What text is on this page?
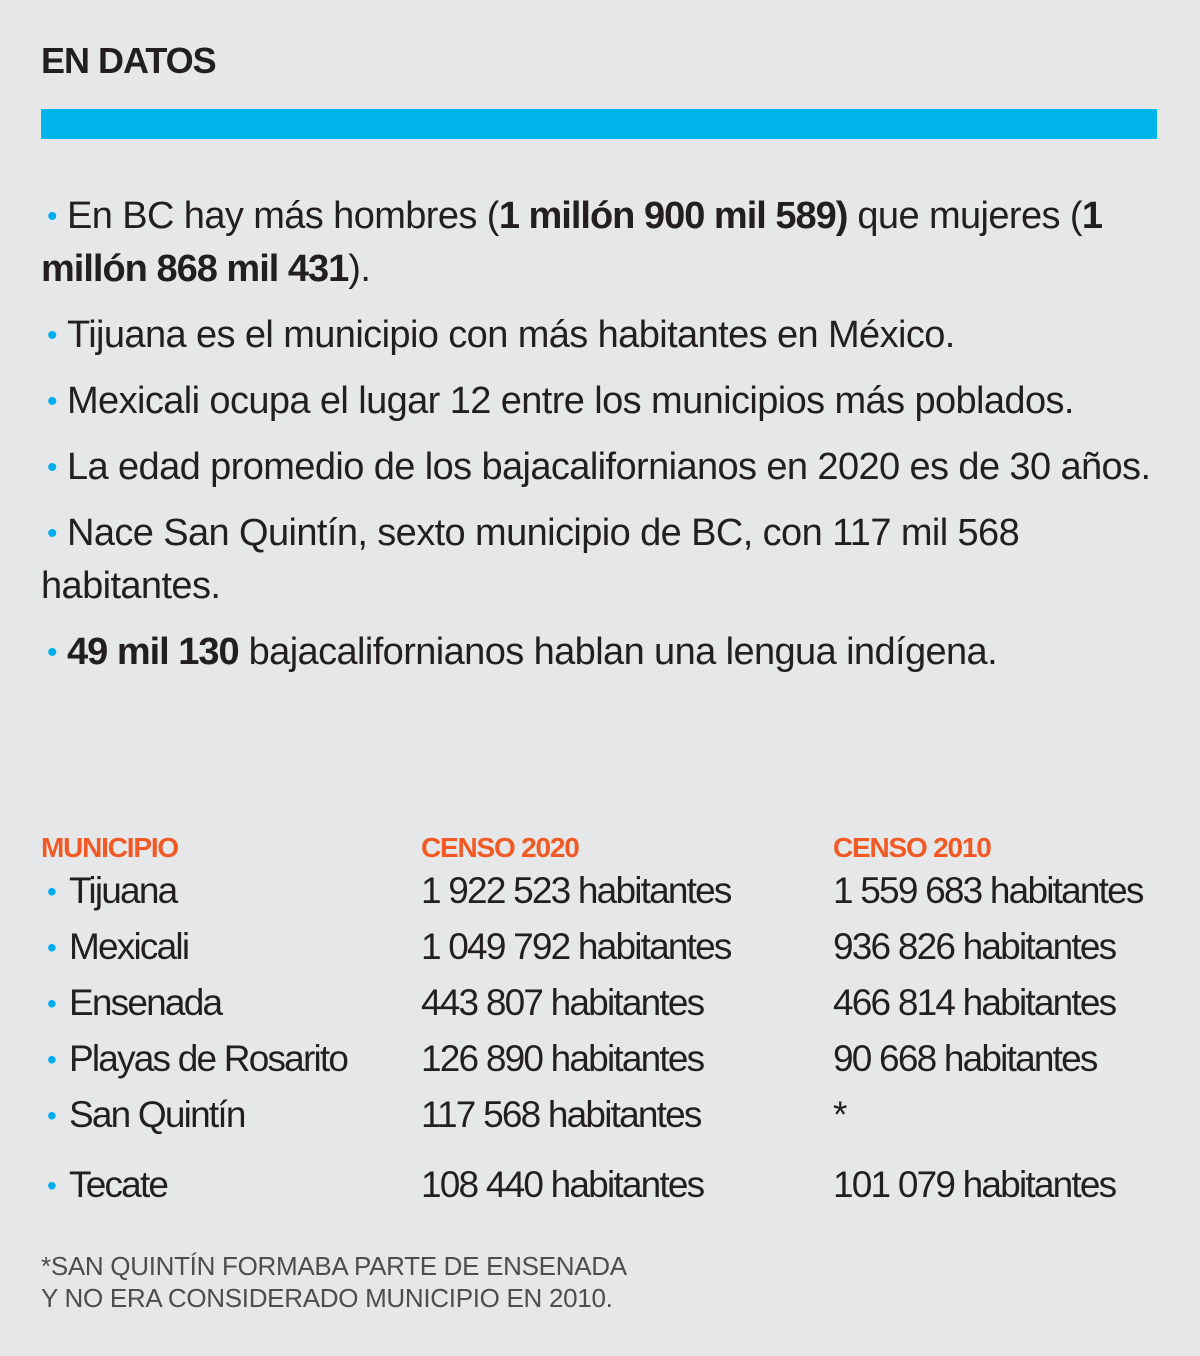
EN DATOS
• En BC hay más hombres (1 millón 900 mil 589) que mujeres (1 millón 868 mil 431).
• Tijuana es el municipio con más habitantes en México.
• Mexicali ocupa el lugar 12 entre los municipios más poblados.
• La edad promedio de los bajacalifornianos en 2020 es de 30 años.
• Nace San Quintín, sexto municipio de BC, con 117 mil 568 habitantes.
• 49 mil 130 bajacalifornianos hablan una lengua indígena.
MUNICIPIO	CENSO 2020	CENSO 2010
• Tijuana	1 922 523 habitantes	1 559 683 habitantes
• Mexicali	1 049 792 habitantes	936 826 habitantes
• Ensenada	443 807 habitantes	466 814 habitantes
• Playas de Rosarito 126 890 habitantes	90 668 habitantes
• San Quintín	117 568 habitantes	*
• Tecate	108 440 habitantes	101 079 habitantes
*SAN QUINTÍN FORMABA PARTE DE ENSENADA
Y NO ERA CONSIDERADO MUNICIPIO EN 2010.
